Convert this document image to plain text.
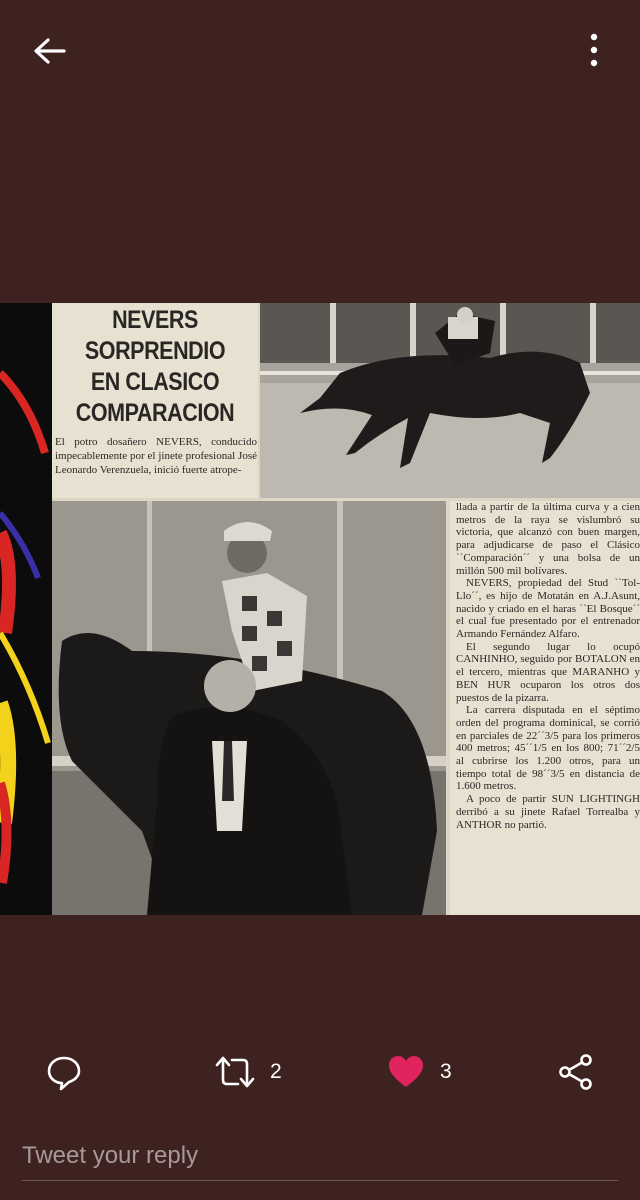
NEVERS
SORPRENDIO
EN CLASICO
COMPARACION
El potro dosañero NEVERS, conducido impecablemente por el jinete profesional José Leonardo Verenzuela, inició fuerte atrope-

llada a partir de la última curva y a cien metros de la raya se vislumbró su victoria, que alcanzó con buen margen, para adjudicarse de paso el Clásico ``Comparación´´ y una bolsa de un millón 500 mil bolívares.

NEVERS, propiedad del Stud ``Tol-Llo´´, es hijo de Motatán en A.J.Asunt, nacido y criado en el haras ``El Bosque´´ el cual fue presentado por el entrenador Armando Fernández Alfaro.

El segundo lugar lo ocupó CANHINHO, seguido por BOTALON en el tercero, mientras que MARANHO y BEN HUR ocuparon los otros dos puestos de la pizarra.

La carrera disputada en el séptimo orden del programa dominical, se corrió en parciales de 22´´3/5 para los primeros 400 metros; 45´´1/5 en los 800; 71´´2/5 al cubrirse los 1.200 otros, para un tiempo total de 98´´3/5 en distancia de 1.600 metros.

A poco de partir SUN LIGHTINGH derribó a su jinete Rafael Torrealba y ANTHOR no partió.

2	3
Tweet your reply
